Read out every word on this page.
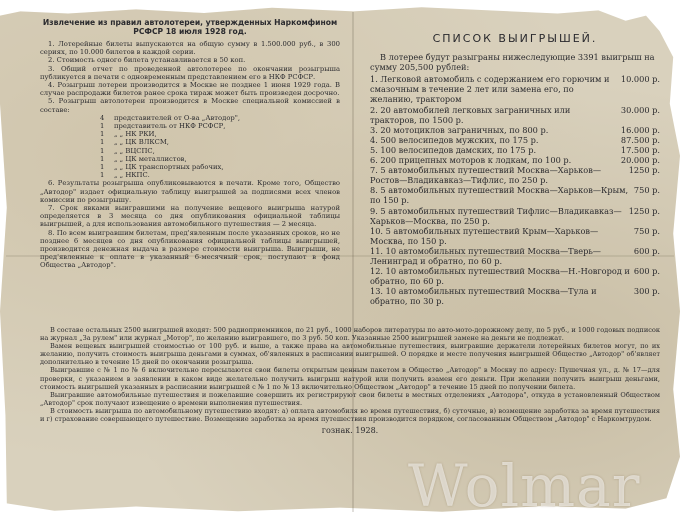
Извлечение из правил автолотереи, утвержденных Наркомфином РСФСР 18 июля 1928 год.

1. Лотерейные билеты выпускаются на общую сумму в 1.500.000 руб., в 300 сериях, по 10.000 билетов в каждой серии.

2. Стоимость одного билета устанавливается в 50 коп.

3. Общий отчет по проведенной автолотерее по окончании розыгрыша публикуется в печати с одновременным представлением его в НКФ РСФСР.

4. Розыгрыш лотереи производится в Москве не позднее 1 июня 1929 года. В случае распродажи билетов ранее срока тираж может быть произведен досрочно.

5. Розыгрыш автолотереи производится в Москве специальной комиссией в составе:

4	представителей от О-ва „Автодор",
1	представитель от НКФ РСФСР,
1	„ „ НК РКИ,
1	„ „ ЦК ВЛКСМ,
1	„ „ ВЦСПС,
1	„ „ ЦК металлистов,
1	„ „ ЦК транспортных рабочих,
1	„ „ НКПС.

6. Результаты розыгрыша опубликовываются в печати. Кроме того, Общество „Автодор" издает официальную таблицу выигрышей за подписями всех членов комиссии по розыгрышу.

7. Срок явками выигравшими на получение вещевого выигрыша натурой определяется в 3 месяца со дня опубликования официальной таблицы выигрышей, а для использования автомобильного путешествия — 2 месяца.

8. По всем выигравшим билетам, пред'явленным после указанных сроков, но не позднее 6 месяцев со дня опубликования официальной таблицы выигрышей, производится денежная выдача в размере стоимости выигрыша. Выигрыши, не пред'явленные к оплате в указанный 6-месячный срок, поступают в фонд Общества „Автодор".

СПИСОК ВЫИГРЫШЕЙ.

В лотерее будут разыграны нижеследующие 3391 выигрыш на сумму 205,500 рублей:

1. Легковой автомобиль с содержанием его горючим и смазочным в течение 2 лет или замена его, по желанию, трактором
10.000 р.
2. 20 автомобилей легковых заграничных или тракторов, по 1500 р.
30.000 р.
3. 20 мотоциклов заграничных, по 800 р.	16.000 р.
4. 500 велосипедов мужских, по 175 р.	87.500 р.
5. 100 велосипедов дамских, по 175 р.	17.500 р.
6. 200 прицепных моторов к лодкам, по 100 р.	20.000 р.
7. 5 автомобильных путешествий Москва—Харьков—Ростов—Владикавказ—Тифлис, по 250 р.
1250 р.
8. 5 автомобильных путешествий Москва—Харьков—Крым, по 150 р.
750 р.
9. 5 автомобильных путешествий Тифлис—Владикавказ—Харьков—Москва, по 250 р.
1250 р.
10. 5 автомобильных путешествий Крым—Харьков—Москва, по 150 р.
750 р.
11. 10 автомобильных путешествий Москва—Тверь—Ленинград и обратно, по 60 р.
600 р.
12. 10 автомобильных путешествий Москва—Н.-Новгород и обратно, по 60 р.
600 р.
13. 10 автомобильных путешествий Москва—Тула и обратно, по 30 р.
300 р.

В составе остальных 2500 выигрышей входят: 500 радиоприемников, по 21 руб., 1000 наборов литературы по авто-мото-дорожному делу, по 5 руб., и 1000 годовых подписок на журнал „За рулем" или журнал „Мотор", по желанию выигравшего, по 3 руб. 50 коп. Указанные 2500 выигрышей замене на деньги не подлежат.

Вамен вещевых выигрышей стоимостью от 100 руб. и выше, а также права на автомобильные путешествия, выигравшие держатели лотерейных билетов могут, по их желанию, получить стоимость выигрыша деньгами в суммах, об'явленных в расписании выигрышей. О порядке и месте получения выигрышей Общество „Автодор" об'являет дополнительно в течение 15 дней по окончании розыгрыша.

Выигравшие с № 1 по № 6 включительно пересылаются свои билеты открытым ценным пакетом в Общество „Автодор" в Москву по адресу: Пушечная ул., д. № 17—для проверки, с указанием в заявлении в каком виде желательно получить выигрыш натурой или получить взамен его деньги. При желании получить выигрыш деньгами, стоимость выигрышей указанных в расписании выигрышей с № 1 по № 13 включительно Обществом „Автодор" в течение 15 дней по получении билета.

Выигравшие автомобильные путешествия и пожелавшие совершить их регистрируют свои билеты в местных отделениях „Автодора", откуда в установленный Обществом „Автодор" срок получают извещение о времени выполнения путешествия.

В стоимость выигрыша по автомобильному путешествию входят: а) оплата автомобиля во время путешествия, б) суточные, в) возмещение заработка за время путешествия и г) страхование совершающего путешествие. Возмещение заработка за время путешествия производится порядком, согласованным Обществом „Автодор" с Наркомтрудом.

гознак. 1928.
Wolmar
